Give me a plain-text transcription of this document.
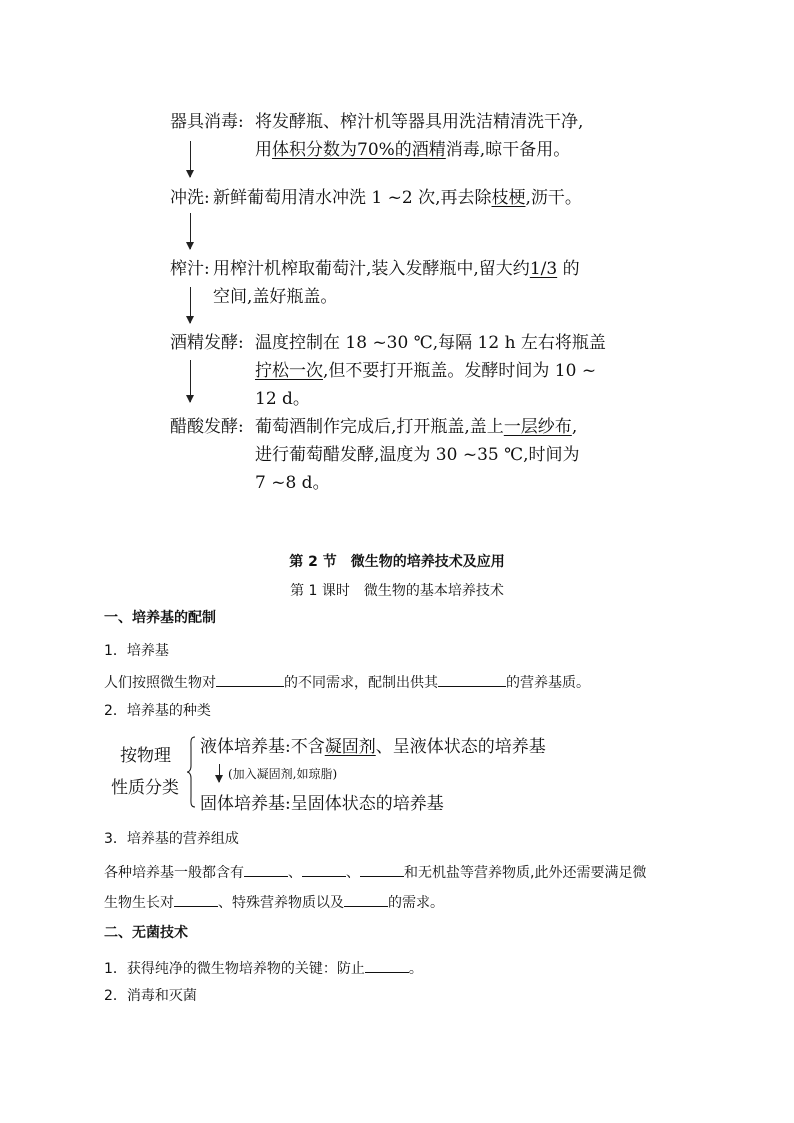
器具消毒: 将发酵瓶、榨汁机等器具用洗洁精清洗干净,
用体积分数为70%的酒精消毒,晾干备用。
冲洗: 新鲜葡萄用清水冲洗 1 ~2 次,再去除枝梗,沥干。
榨汁: 用榨汁机榨取葡萄汁,装入发酵瓶中,留大约1/3 的
空间,盖好瓶盖。
酒精发酵: 温度控制在 18 ~30 ℃,每隔 12 h 左右将瓶盖
拧松一次,但不要打开瓶盖。发酵时间为 10 ~
12 d。
醋酸发酵: 葡萄酒制作完成后,打开瓶盖,盖上一层纱布,
进行葡萄醋发酵,温度为 30 ~35 ℃,时间为
7 ~8 d。
第 2 节　微生物的培养技术及应用
第 1 课时　微生物的基本培养技术
一、培养基的配制
1．培养基
人们按照微生物对	的不同需求，配制出供其	的营养基质。
2．培养基的种类
按物理
性质分类
液体培养基:不含凝固剂、呈液体状态的培养基
(加入凝固剂,如琼脂)
固体培养基:呈固体状态的培养基
3．培养基的营养组成
各种培养基一般都含有	、	、	和无机盐等营养物质,此外还需要满足微
生物生长对	、特殊营养物质以及	的需求。
二、无菌技术
1．获得纯净的微生物培养物的关键：防止	。
2．消毒和灭菌
